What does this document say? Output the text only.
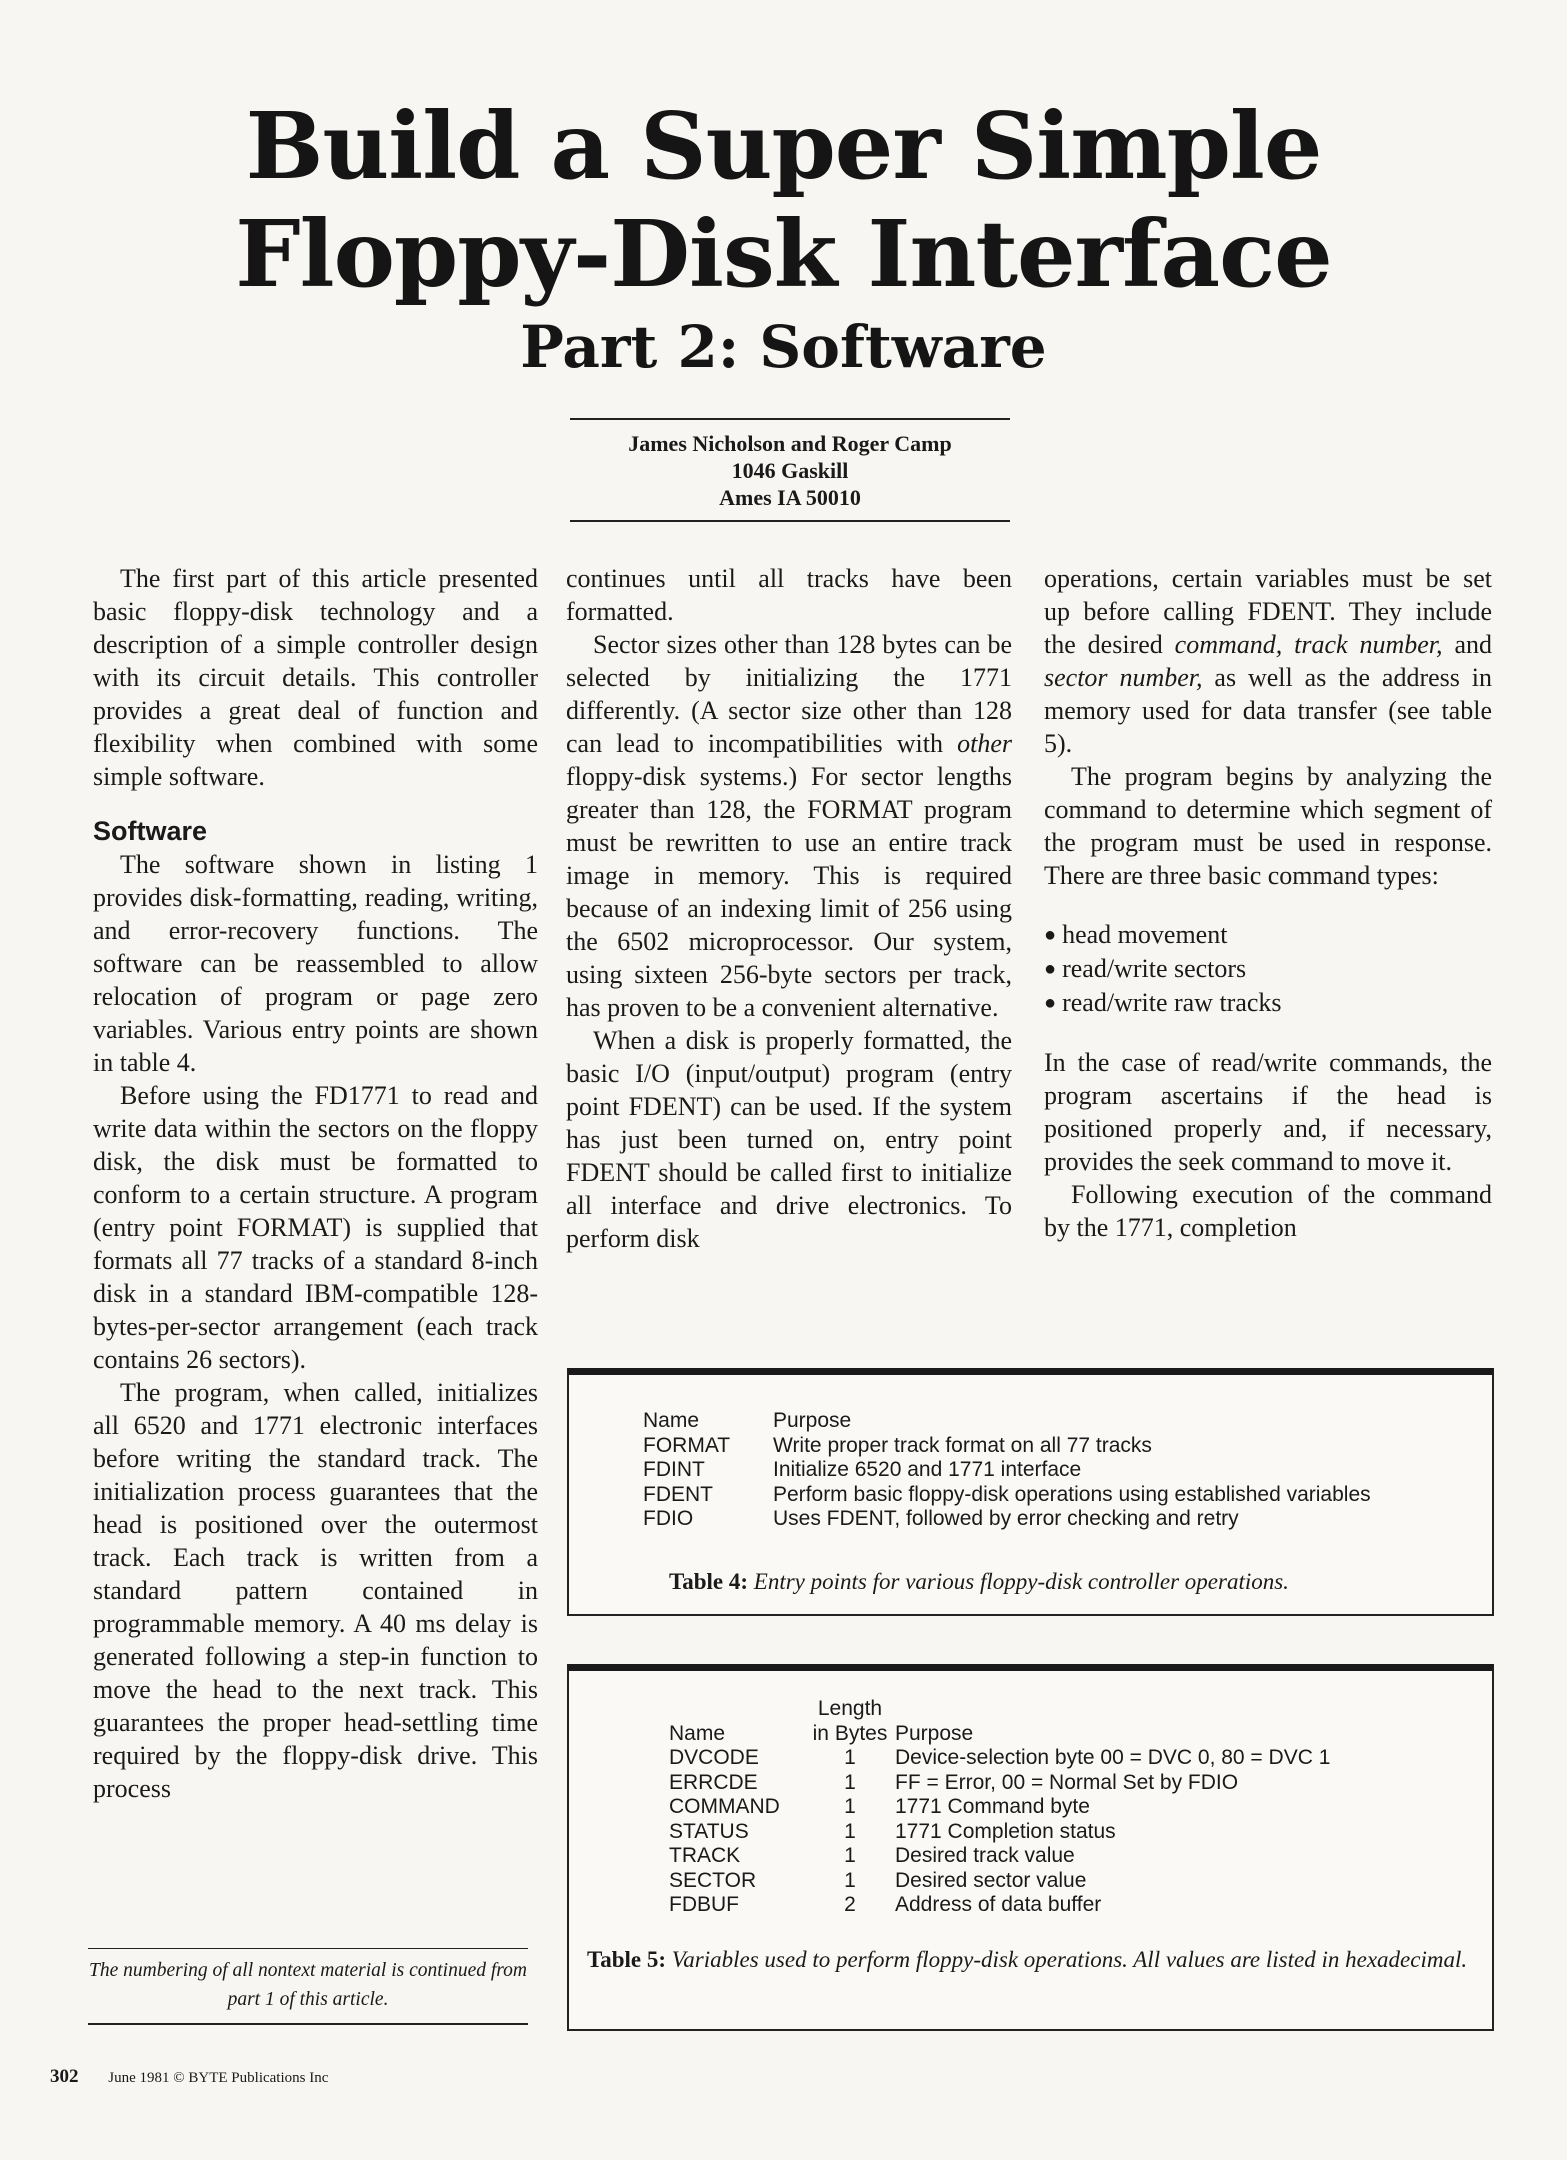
Build a Super Simple
Floppy-Disk Interface
Part 2: Software
James Nicholson and Roger Camp
1046 Gaskill
Ames IA 50010

The first part of this article presented basic floppy-disk technology and a description of a simple controller design with its circuit details. This controller provides a great deal of function and flexibility when combined with some simple software.

Software

The software shown in listing 1 provides disk-formatting, reading, writing, and error-recovery functions. The software can be reassembled to allow relocation of program or page zero variables. Various entry points are shown in table 4.

Before using the FD1771 to read and write data within the sectors on the floppy disk, the disk must be formatted to conform to a certain structure. A program (entry point FORMAT) is supplied that formats all 77 tracks of a standard 8-inch disk in a standard IBM-compatible 128-bytes-per-sector arrangement (each track contains 26 sectors).

The program, when called, initializes all 6520 and 1771 electronic interfaces before writing the standard track. The initialization process guarantees that the head is positioned over the outermost track. Each track is written from a standard pattern contained in programmable memory. A 40 ms delay is generated following a step-in function to move the head to the next track. This guarantees the proper head-settling time required by the floppy-disk drive. This process

continues until all tracks have been formatted.

Sector sizes other than 128 bytes can be selected by initializing the 1771 differently. (A sector size other than 128 can lead to incompatibilities with other floppy-disk systems.) For sector lengths greater than 128, the FORMAT program must be rewritten to use an entire track image in memory. This is required because of an indexing limit of 256 using the 6502 microprocessor. Our system, using sixteen 256-byte sectors per track, has proven to be a convenient alternative.

When a disk is properly formatted, the basic I/O (input/output) program (entry point FDENT) can be used. If the system has just been turned on, entry point FDENT should be called first to initialize all interface and drive electronics. To perform disk

operations, certain variables must be set up before calling FDENT. They include the desired command, track number, and sector number, as well as the address in memory used for data transfer (see table 5).

The program begins by analyzing the command to determine which segment of the program must be used in response. There are three basic command types:

● head movement
● read/write sectors
● read/write raw tracks

In the case of read/write commands, the program ascertains if the head is positioned properly and, if necessary, provides the seek command to move it.

Following execution of the command by the 1771, completion

Name	Purpose
FORMAT	Write proper track format on all 77 tracks
FDINT	Initialize 6520 and 1771 interface
FDENT	Perform basic floppy-disk operations using established variables
FDIO	Uses FDENT, followed by error checking and retry
Table 4: Entry points for various floppy-disk controller operations.
	Length	
Name	in Bytes	Purpose
DVCODE	1	Device-selection byte 00 = DVC 0, 80 = DVC 1
ERRCDE	1	FF = Error, 00 = Normal Set by FDIO
COMMAND	1	1771 Command byte
STATUS	1	1771 Completion status
TRACK	1	Desired track value
SECTOR	1	Desired sector value
FDBUF	2	Address of data buffer
Table 5: Variables used to perform floppy-disk operations. All values are listed in hexadecimal.
The numbering of all nontext material is continued from part 1 of this article.
302 June 1981 © BYTE Publications Inc
